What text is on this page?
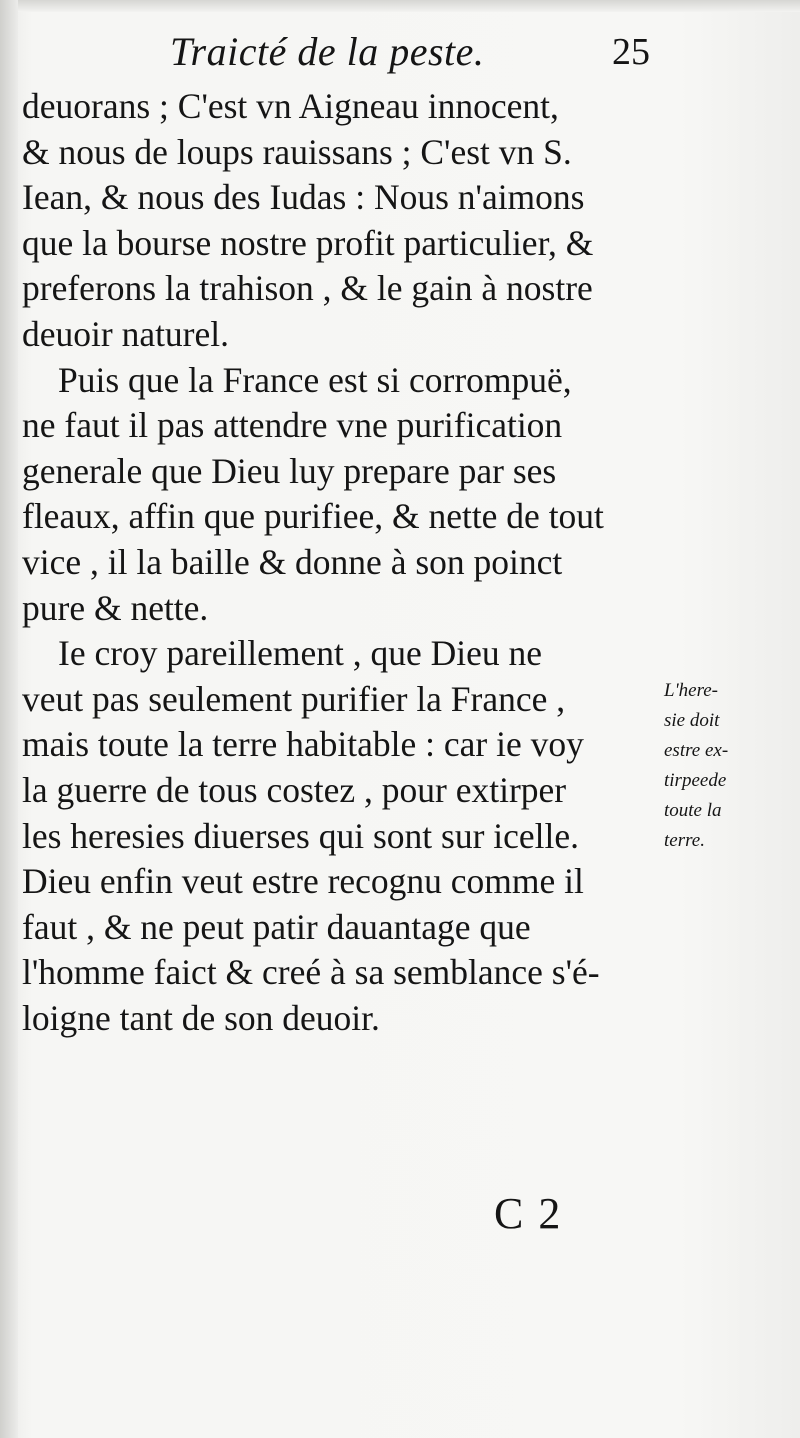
Traicté de la peste.	25
deuorans ; C'est vn Aigneau innocent,
& nous de loups rauissans ; C'est vn S.
Iean, & nous des Iudas : Nous n'aimons
que la bourse nostre profit particulier, &
preferons la trahison , & le gain à nostre
deuoir naturel.
Puis que la France est si corrompuë,
ne faut il pas attendre vne purification
generale que Dieu luy prepare par ses
fleaux, affin que purifiee, & nette de tout
vice , il la baille & donne à son poinct
pure & nette.
Ie croy pareillement , que Dieu ne
veut pas seulement purifier la France ,
mais toute la terre habitable : car ie voy
la guerre de tous costez , pour extirper
les heresies diuerses qui sont sur icelle.
Dieu enfin veut estre recognu comme il
faut , & ne peut patir dauantage que
l'homme faict & creé à sa semblance s'é-
loigne tant de son deuoir.
L'here-
sie doit
estre ex-
tirpeede
toute la
terre.
C 2
